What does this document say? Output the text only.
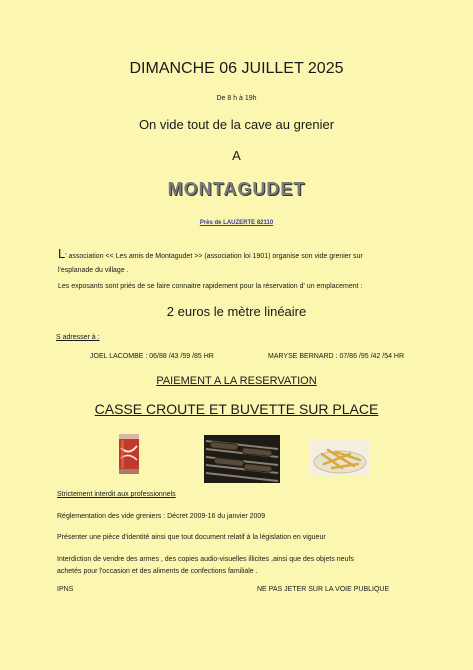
DIMANCHE 06 JUILLET 2025
De 8 h à 19h
On vide tout de la cave au grenier
A
MONTAGUDET
Près de LAUZERTE 82110
L' association << Les amis de Montagudet >> (association loi 1901) organise son vide grenier sur
l'esplanade du village .
Les exposants sont priés de se faire connaitre rapidement pour la réservation d' un emplacement :
2 euros le mètre linéaire
S adresser à :
JOEL LACOMBE : 06/88 /43 /59 /85 HR	MARYSE BERNARD : 07/86 /95 /42 /54 HR
PAIEMENT A LA RESERVATION
CASSE CROUTE ET BUVETTE SUR PLACE
Strictement interdit aux professionnels
Réglementation des vide greniers : Décret 2009-16 du janvier 2009
Présenter une pièce d'identité ainsi que tout document relatif à la législation en vigueur
Interdiction de vendre des armes , des copies audio-visuelles illicites ,ainsi que des objets neufs
achetés pour l'occasion et des aliments de confections familiale .
IPNS	NE PAS JETER SUR LA VOIE PUBLIQUE
